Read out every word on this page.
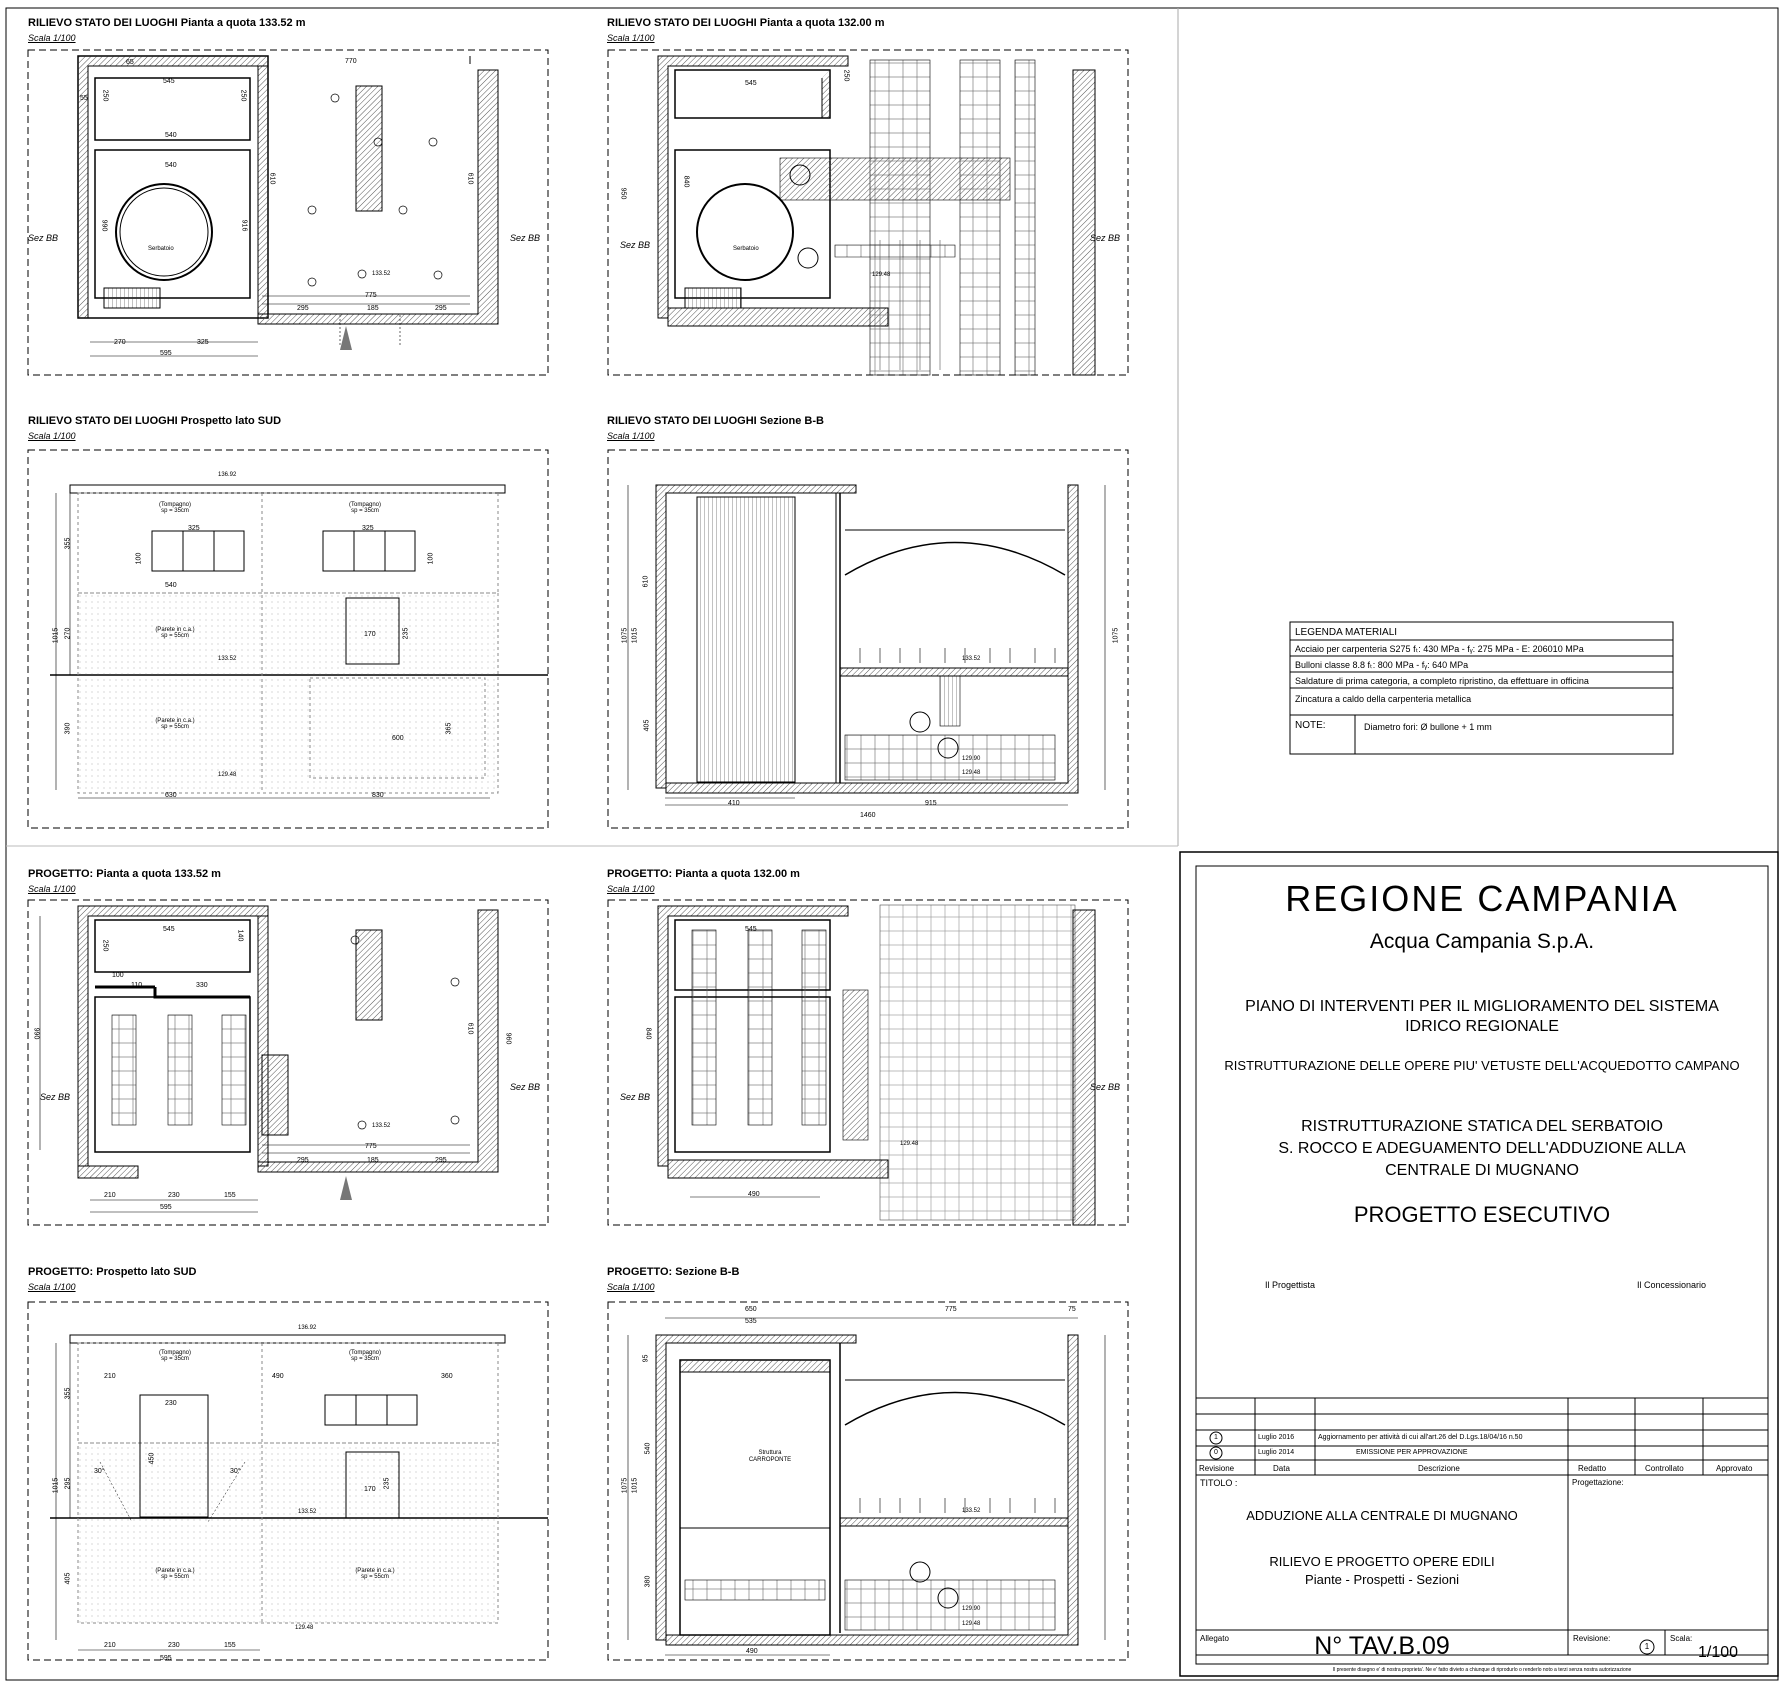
RILIEVO STATO DEI LUOGHI Pianta a quota 133.52 m
Scala 1/100
RILIEVO STATO DEI LUOGHI Pianta a quota 132.00 m
Scala 1/100
RILIEVO STATO DEI LUOGHI Prospetto lato SUD
Scala 1/100
RILIEVO STATO DEI LUOGHI Sezione B-B
Scala 1/100
PROGETTO: Pianta a quota 133.52 m
Scala 1/100
PROGETTO: Pianta a quota 132.00 m
Scala 1/100
PROGETTO: Prospetto lato SUD
Scala 1/100
PROGETTO: Sezione B-B
Scala 1/100
Sez BB	Sez BB
Sez BB
Sez BB
Sez BB
Sez BB
Sez BB
Sez BB
Serbatoio	Serbatoio
770
545
55
65
250	250
540
540
990
610	610
916
775
295	185	295
270	325
595
133.52
545
250
950
840
129.48
(Tompagno)
sp = 35cm
(Tompagno)
sp = 35cm
(Parete in c.a.)
sp = 55cm
(Parete in c.a.)
sp = 55cm
136.92
325	325
355
100	100
540
1015 270	170	235
133.52
390
600
365
630	830
129.48
610
1075 1015
405
1075
133.52
129.90
129.48
410	915
1460
545
250
140
100
110	330
990	610
960
775
295	185	295
210	230	155
595
133.52
545
840
129.48
490
(Tompagno)
sp = 35cm
(Tompagno)
sp = 35cm
(Parete in c.a.)
sp = 55cm
(Parete in c.a.)
sp = 55cm
136.92
210	490	360
230
355
450
295
1015	170
235
30°	30°
133.52
405
210	230	155
595
129.48
650
535
775	75
95
540
1075 1015
380
133.52
129.90
129.48
490
Struttura
CARROPONTE
LEGENDA MATERIALI
Acciaio per carpenteria S275 fₜ: 430 MPa - fᵧ: 275 MPa - E: 206010 MPa
Bulloni classe 8.8 fₜ: 800 MPa - fᵧ: 640 MPa
Saldature di prima categoria, a completo ripristino, da effettuare in officina
Zincatura a caldo della carpenteria metallica
NOTE:	Diametro fori: Ø bullone + 1 mm
REGIONE CAMPANIA
Acqua Campania S.p.A.
PIANO DI INTERVENTI PER IL MIGLIORAMENTO DEL SISTEMA
IDRICO REGIONALE
RISTRUTTURAZIONE DELLE OPERE PIU' VETUSTE DELL'ACQUEDOTTO CAMPANO
RISTRUTTURAZIONE STATICA DEL SERBATOIO
S. ROCCO E ADEGUAMENTO DELL'ADDUZIONE ALLA
CENTRALE DI MUGNANO
PROGETTO ESECUTIVO
Il Progettista	Il Concessionario
1	Luglio 2016	Aggiornamento per attività di cui all'art.26 del D.Lgs.18/04/16 n.50
0	Luglio 2014	EMISSIONE PER APPROVAZIONE
Revisione	Data	Descrizione	Redatto	Controllato	Approvato
TITOLO :	Progettazione:
ADDUZIONE ALLA CENTRALE DI MUGNANO
RILIEVO E PROGETTO OPERE EDILI
Piante - Prospetti - Sezioni
Allegato	N° TAV.B.09	Revisione:
1
Scala:
1/100
Il presente disegno e' di nostra proprieta'. Ne e' fatto divieto a chiunque di riprodurlo o renderlo noto a terzi senza nostra autorizzazione
